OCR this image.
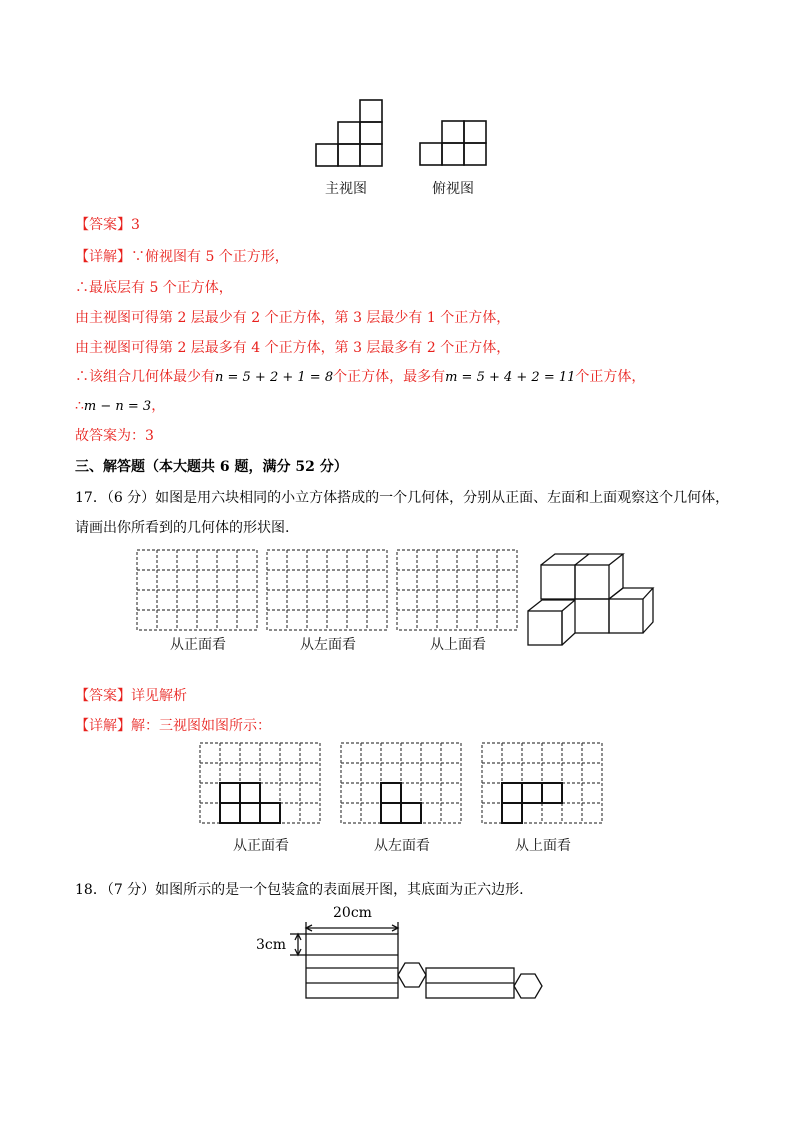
主视图	俯视图
【答案】3
【详解】∵俯视图有 5 个正方形，
∴最底层有 5 个正方体，
由主视图可得第 2 层最少有 2 个正方体，第 3 层最少有 1 个正方体，
由主视图可得第 2 层最多有 4 个正方体，第 3 层最多有 2 个正方体，
∴该组合几何体最少有n = 5 + 2 + 1 = 8个正方体，最多有m = 5 + 4 + 2 = 11个正方体，
∴m − n = 3，
故答案为：3
三、解答题（本大题共 6 题，满分 52 分）
17．（6 分）如图是用六块相同的小立方体搭成的一个几何体，分别从正面、左面和上面观察这个几何体，
请画出你所看到的几何体的形状图.
从正面看	从左面看	从上面看
【答案】详见解析
【详解】解：三视图如图所示：
从正面看	从左面看	从上面看
18．（7 分）如图所示的是一个包装盒的表面展开图，其底面为正六边形.
20cm
3cm
